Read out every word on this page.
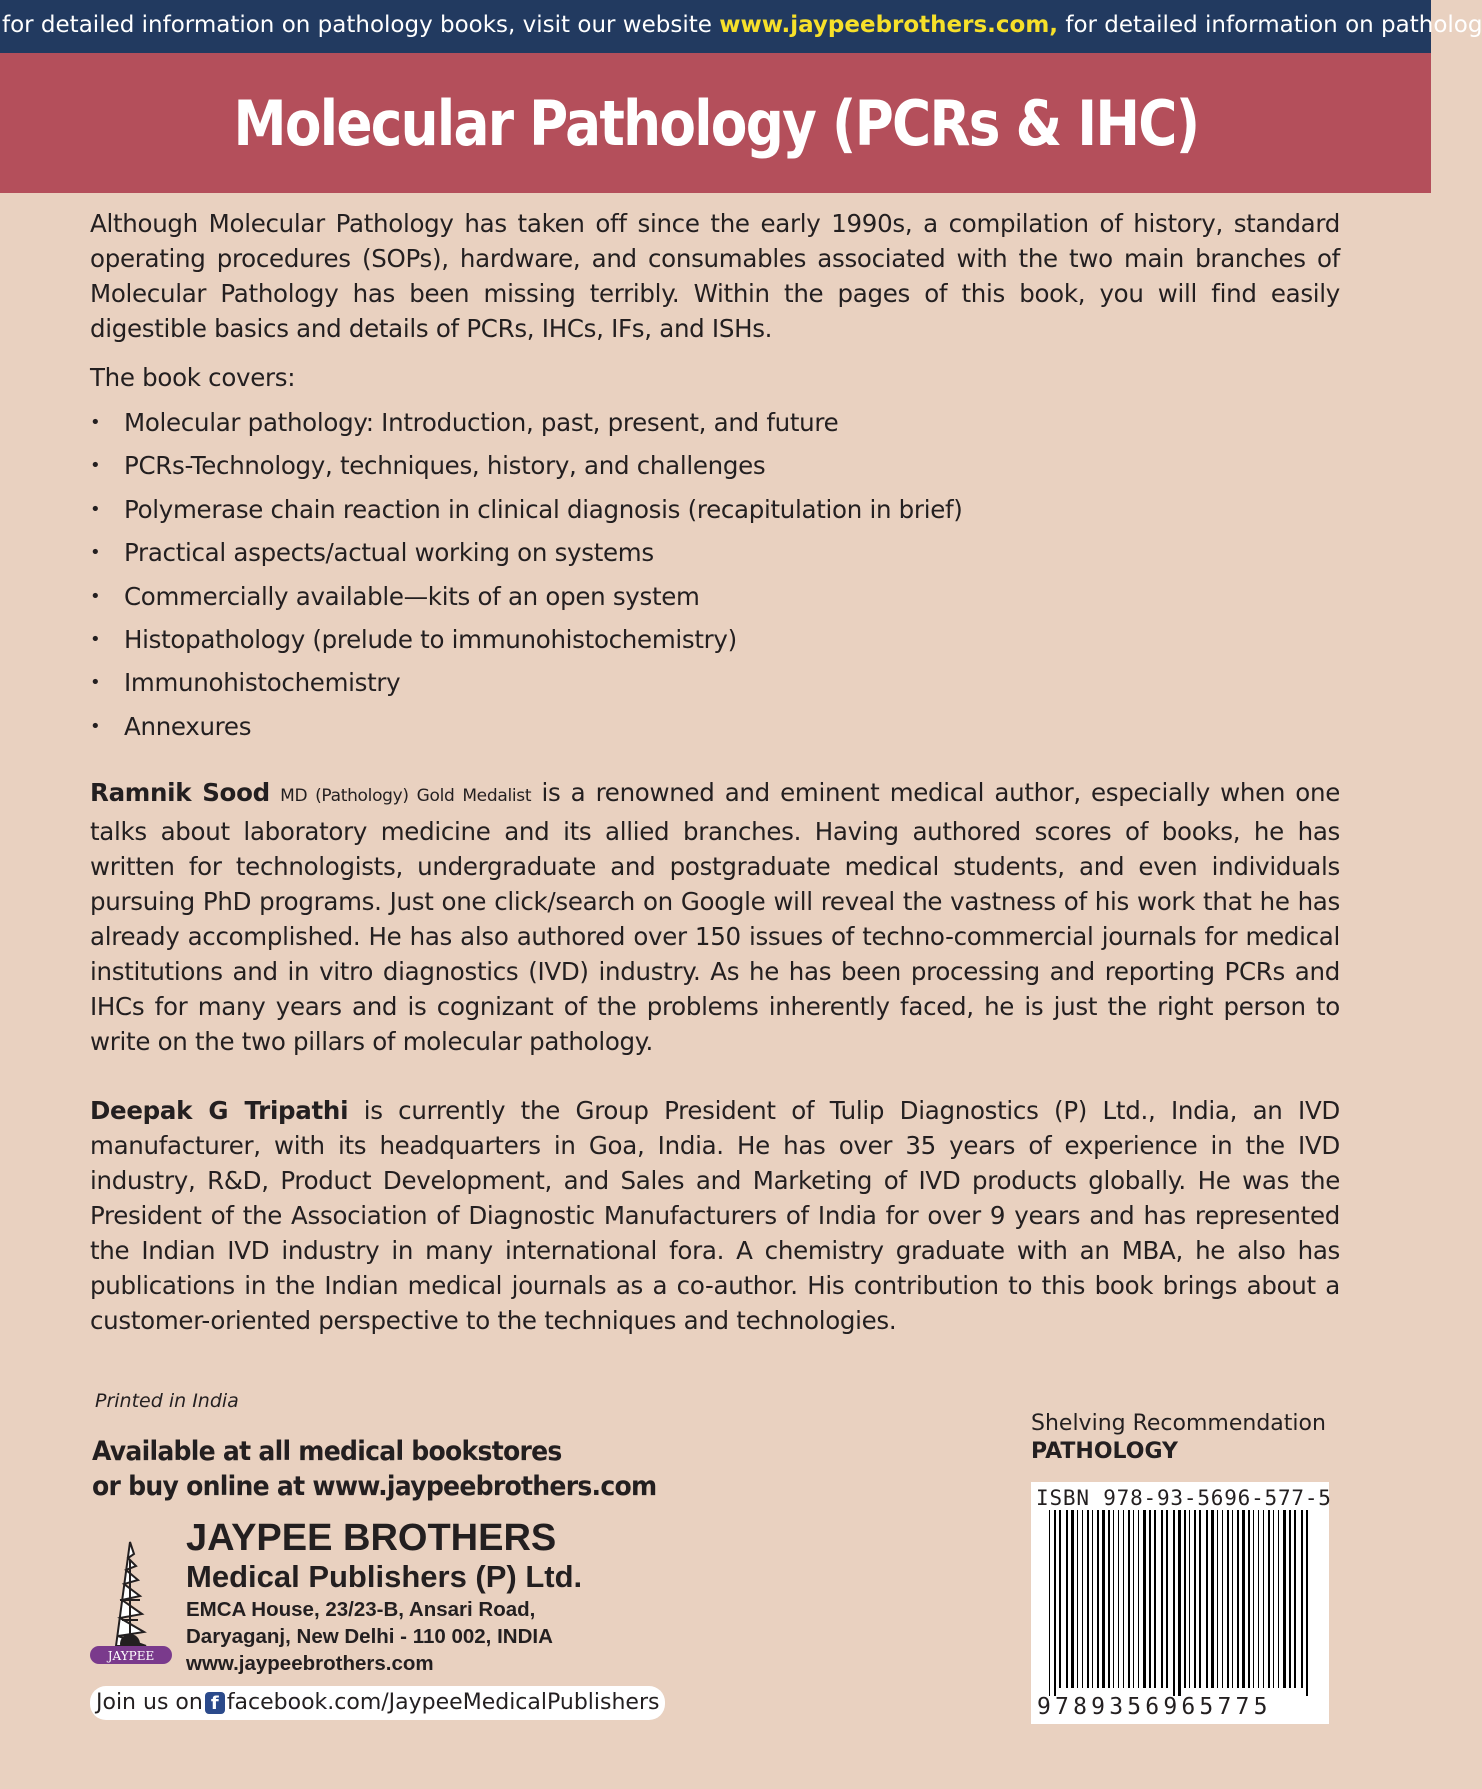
for detailed information on pathology books, visit our website www.jaypeebrothers.com, for detailed information on patholog
Molecular Pathology (PCRs & IHC)

Although Molecular Pathology has taken off since the early 1990s, a compilation of history, standard operating procedures (SOPs), hardware, and consumables associated with the two main branches of Molecular Pathology has been missing terribly. Within the pages of this book, you will find easily digestible basics and details of PCRs, IHCs, IFs, and ISHs.

The book covers:

• Molecular pathology: Introduction, past, present, and future
• PCRs-Technology, techniques, history, and challenges
• Polymerase chain reaction in clinical diagnosis (recapitulation in brief)
• Practical aspects/actual working on systems
• Commercially available—kits of an open system
• Histopathology (prelude to immunohistochemistry)
• Immunohistochemistry
• Annexures

Ramnik Sood MD (Pathology) Gold Medalist is a renowned and eminent medical author, especially when one talks about laboratory medicine and its allied branches. Having authored scores of books, he has written for technologists, undergraduate and postgraduate medical students, and even individuals pursuing PhD programs. Just one click/search on Google will reveal the vastness of his work that he has already accomplished. He has also authored over 150 issues of techno-commercial journals for medical institutions and in vitro diagnostics (IVD) industry. As he has been processing and reporting PCRs and IHCs for many years and is cognizant of the problems inherently faced, he is just the right person to write on the two pillars of molecular pathology.

Deepak G Tripathi is currently the Group President of Tulip Diagnostics (P) Ltd., India, an IVD manufacturer, with its headquarters in Goa, India. He has over 35 years of experience in the IVD industry, R&D, Product Development, and Sales and Marketing of IVD products globally. He was the President of the Association of Diagnostic Manufacturers of India for over 9 years and has represented the Indian IVD industry in many international fora. A chemistry graduate with an MBA, he also has publications in the Indian medical journals as a co-author. His contribution to this book brings about a customer-oriented perspective to the techniques and technologies.

Printed in India
Available at all medical bookstores
or buy online at www.jaypeebrothers.com
JAYPEE
JAYPEE BROTHERS
Medical Publishers (P) Ltd.
EMCA House, 23/23-B, Ansari Road,
Daryaganj, New Delhi - 110 002, INDIA
www.jaypeebrothers.com
Join us on f facebook.com/JaypeeMedicalPublishers
Shelving Recommendation
PATHOLOGY
ISBN 978-93-5696-577-5
9789356965775
